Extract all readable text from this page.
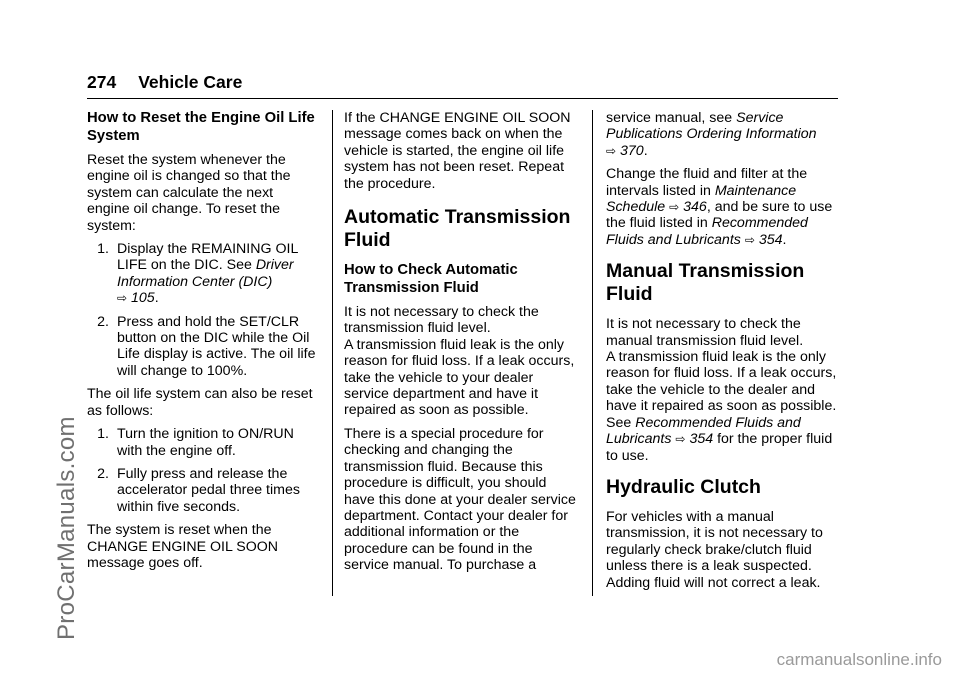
274 Vehicle Care
How to Reset the Engine Oil Life System

Reset the system whenever the engine oil is changed so that the system can calculate the next engine oil change. To reset the system:

1. Display the REMAINING OIL LIFE on the DIC. See Driver Information Center (DIC)
⇨ 105.
2. Press and hold the SET/CLR button on the DIC while the Oil Life display is active. The oil life will change to 100%.

The oil life system can also be reset as follows:

1. Turn the ignition to ON/RUN with the engine off.
2. Fully press and release the accelerator pedal three times within five seconds.

The system is reset when the CHANGE ENGINE OIL SOON message goes off.

If the CHANGE ENGINE OIL SOON message comes back on when the vehicle is started, the engine oil life system has not been reset. Repeat the procedure.

Automatic Transmission Fluid
How to Check Automatic Transmission Fluid
It is not necessary to check the transmission fluid level.

A transmission fluid leak is the only reason for fluid loss. If a leak occurs, take the vehicle to your dealer service department and have it repaired as soon as possible.

There is a special procedure for checking and changing the transmission fluid. Because this procedure is difficult, you should have this done at your dealer service department. Contact your dealer for additional information or the procedure can be found in the service manual. To purchase a

service manual, see Service Publications Ordering Information
⇨ 370.

Change the fluid and filter at the intervals listed in Maintenance Schedule ⇨ 346, and be sure to use the fluid listed in Recommended Fluids and Lubricants ⇨ 354.

Manual Transmission Fluid
It is not necessary to check the manual transmission fluid level.

A transmission fluid leak is the only reason for fluid loss. If a leak occurs, take the vehicle to the dealer and have it repaired as soon as possible. See Recommended Fluids and Lubricants ⇨ 354 for the proper fluid to use.

Hydraulic Clutch

For vehicles with a manual transmission, it is not necessary to regularly check brake/clutch fluid unless there is a leak suspected. Adding fluid will not correct a leak.

ProCarManuals.com
carmanualsonline.info
